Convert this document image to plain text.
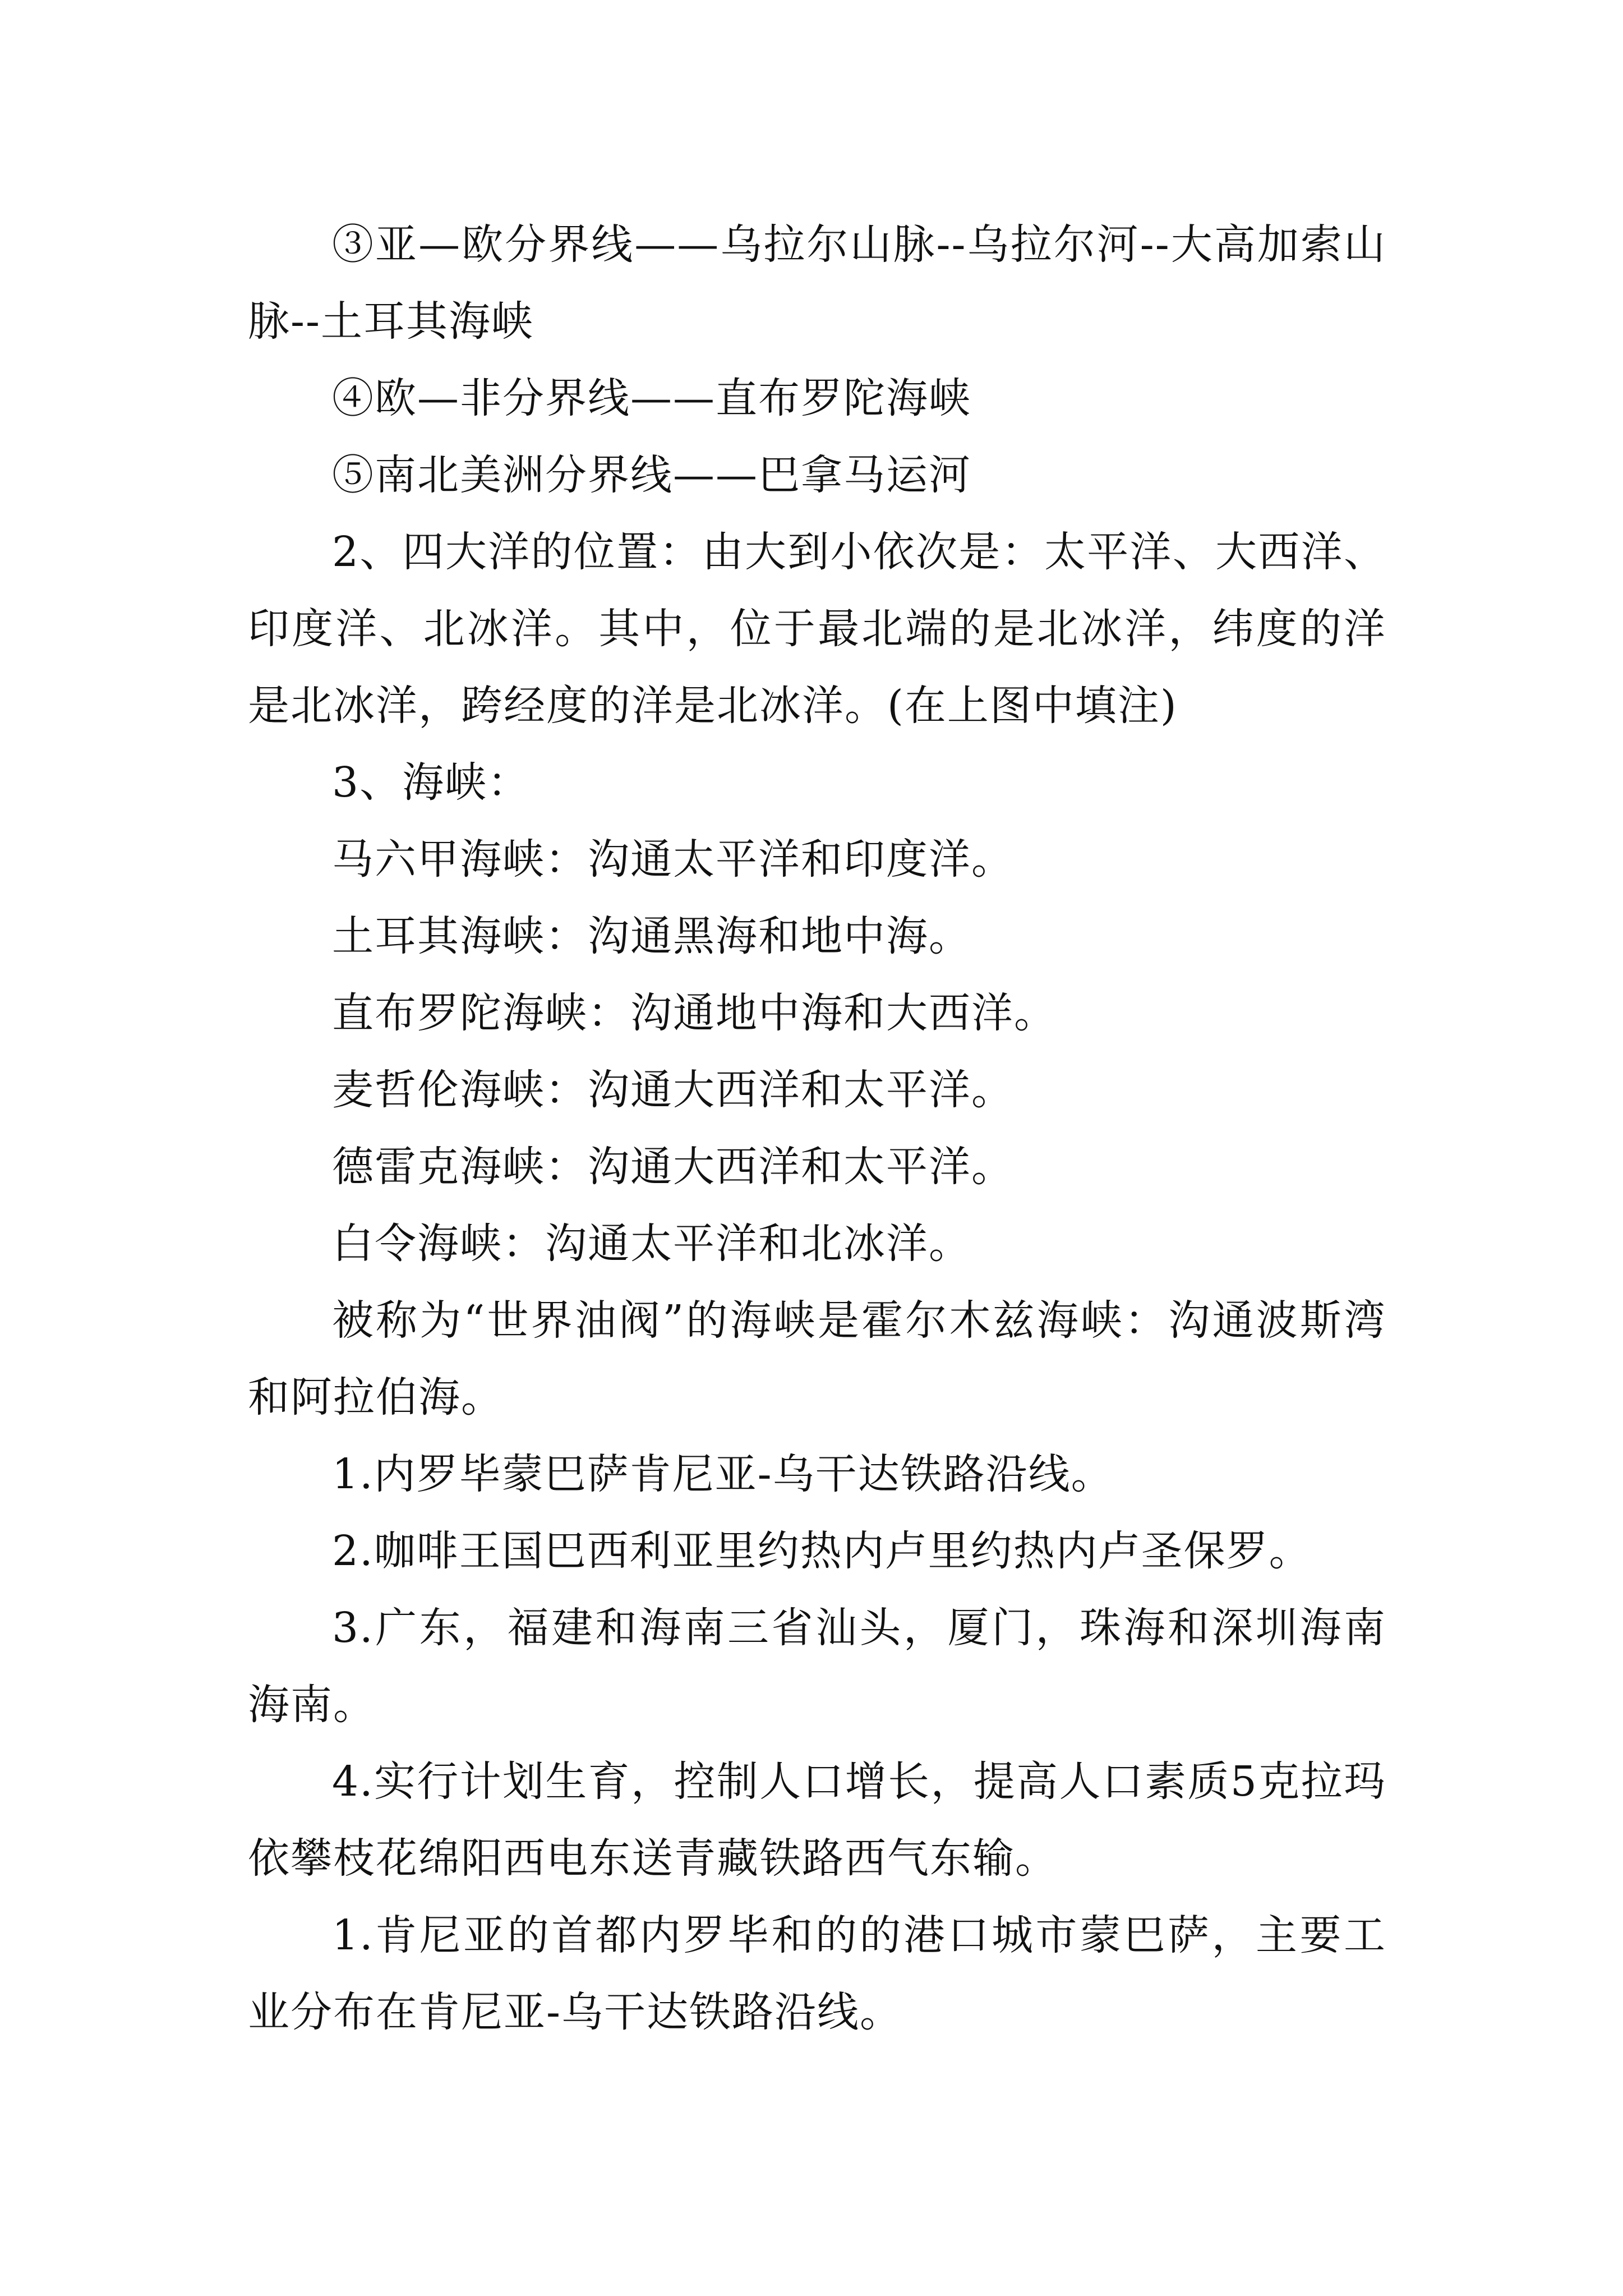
③亚—欧分界线——乌拉尔山脉--乌拉尔河--大高加索山脉--土耳其海峡

④欧—非分界线——直布罗陀海峡

⑤南北美洲分界线——巴拿马运河

2、四大洋的位置：由大到小依次是：太平洋、大西洋、印度洋、北冰洋。其中，位于最北端的是北冰洋，纬度的洋是北冰洋，跨经度的洋是北冰洋。(在上图中填注)

3、海峡：

马六甲海峡：沟通太平洋和印度洋。

土耳其海峡：沟通黑海和地中海。

直布罗陀海峡：沟通地中海和大西洋。

麦哲伦海峡：沟通大西洋和太平洋。

德雷克海峡：沟通大西洋和太平洋。

白令海峡：沟通太平洋和北冰洋。

被称为“世界油阀”的海峡是霍尔木兹海峡：沟通波斯湾和阿拉伯海。

1.内罗毕蒙巴萨肯尼亚-乌干达铁路沿线。

2.咖啡王国巴西利亚里约热内卢里约热内卢圣保罗。

3.广东，福建和海南三省汕头，厦门，珠海和深圳海南海南。

4.实行计划生育，控制人口增长，提高人口素质5克拉玛依攀枝花绵阳西电东送青藏铁路西气东输。

1.肯尼亚的首都内罗毕和的的港口城市蒙巴萨，主要工业分布在肯尼亚-乌干达铁路沿线。
